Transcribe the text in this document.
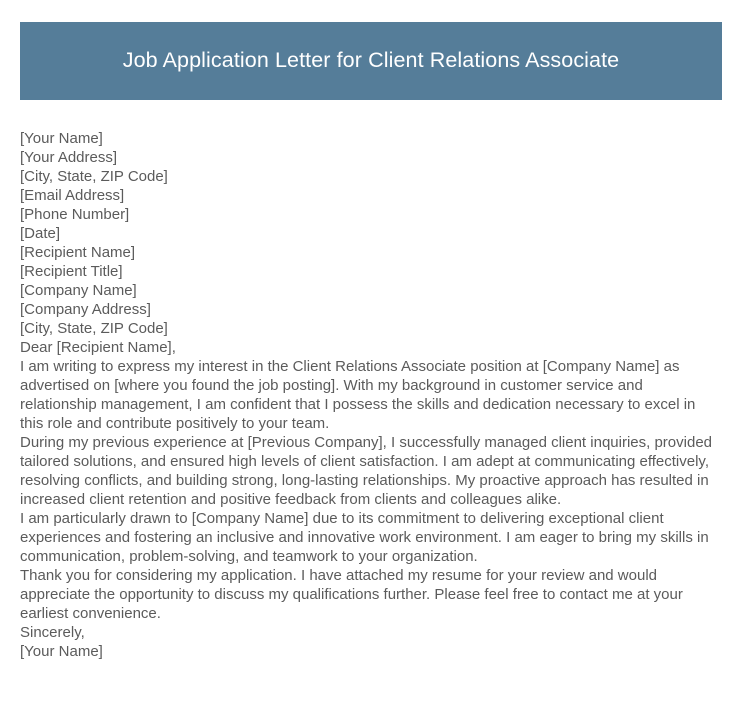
Job Application Letter for Client Relations Associate
[Your Name]
[Your Address]
[City, State, ZIP Code]
[Email Address]
[Phone Number]
[Date]
[Recipient Name]
[Recipient Title]
[Company Name]
[Company Address]
[City, State, ZIP Code]
Dear [Recipient Name],
I am writing to express my interest in the Client Relations Associate position at [Company Name] as advertised on [where you found the job posting]. With my background in customer service and relationship management, I am confident that I possess the skills and dedication necessary to excel in this role and contribute positively to your team.
During my previous experience at [Previous Company], I successfully managed client inquiries, provided tailored solutions, and ensured high levels of client satisfaction. I am adept at communicating effectively, resolving conflicts, and building strong, long-lasting relationships. My proactive approach has resulted in increased client retention and positive feedback from clients and colleagues alike.
I am particularly drawn to [Company Name] due to its commitment to delivering exceptional client experiences and fostering an inclusive and innovative work environment. I am eager to bring my skills in communication, problem-solving, and teamwork to your organization.
Thank you for considering my application. I have attached my resume for your review and would appreciate the opportunity to discuss my qualifications further. Please feel free to contact me at your earliest convenience.
Sincerely,
[Your Name]
